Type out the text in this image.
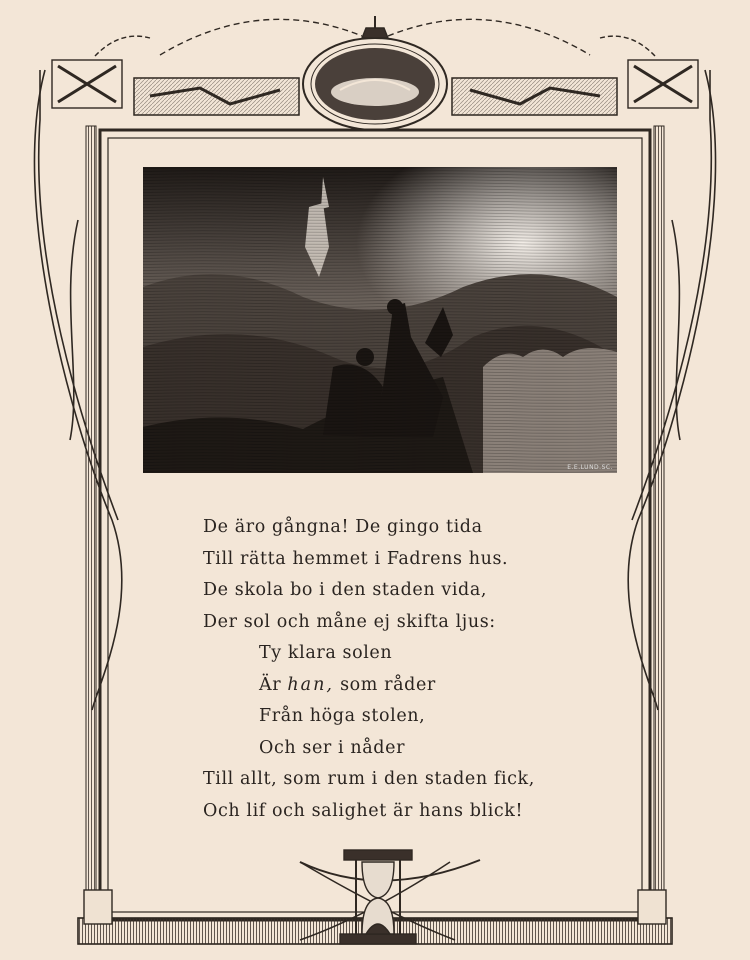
E.E.LUND.SC.
De äro gångna! De gingo tida
Till rätta hemmet i Fadrens hus.
De skola bo i den staden vida,
Der sol och måne ej skifta ljus:
Ty klara solen
Är han, som råder
Från höga stolen,
Och ser i nåder
Till allt, som rum i den staden fick,
Och lif och salighet är hans blick!
